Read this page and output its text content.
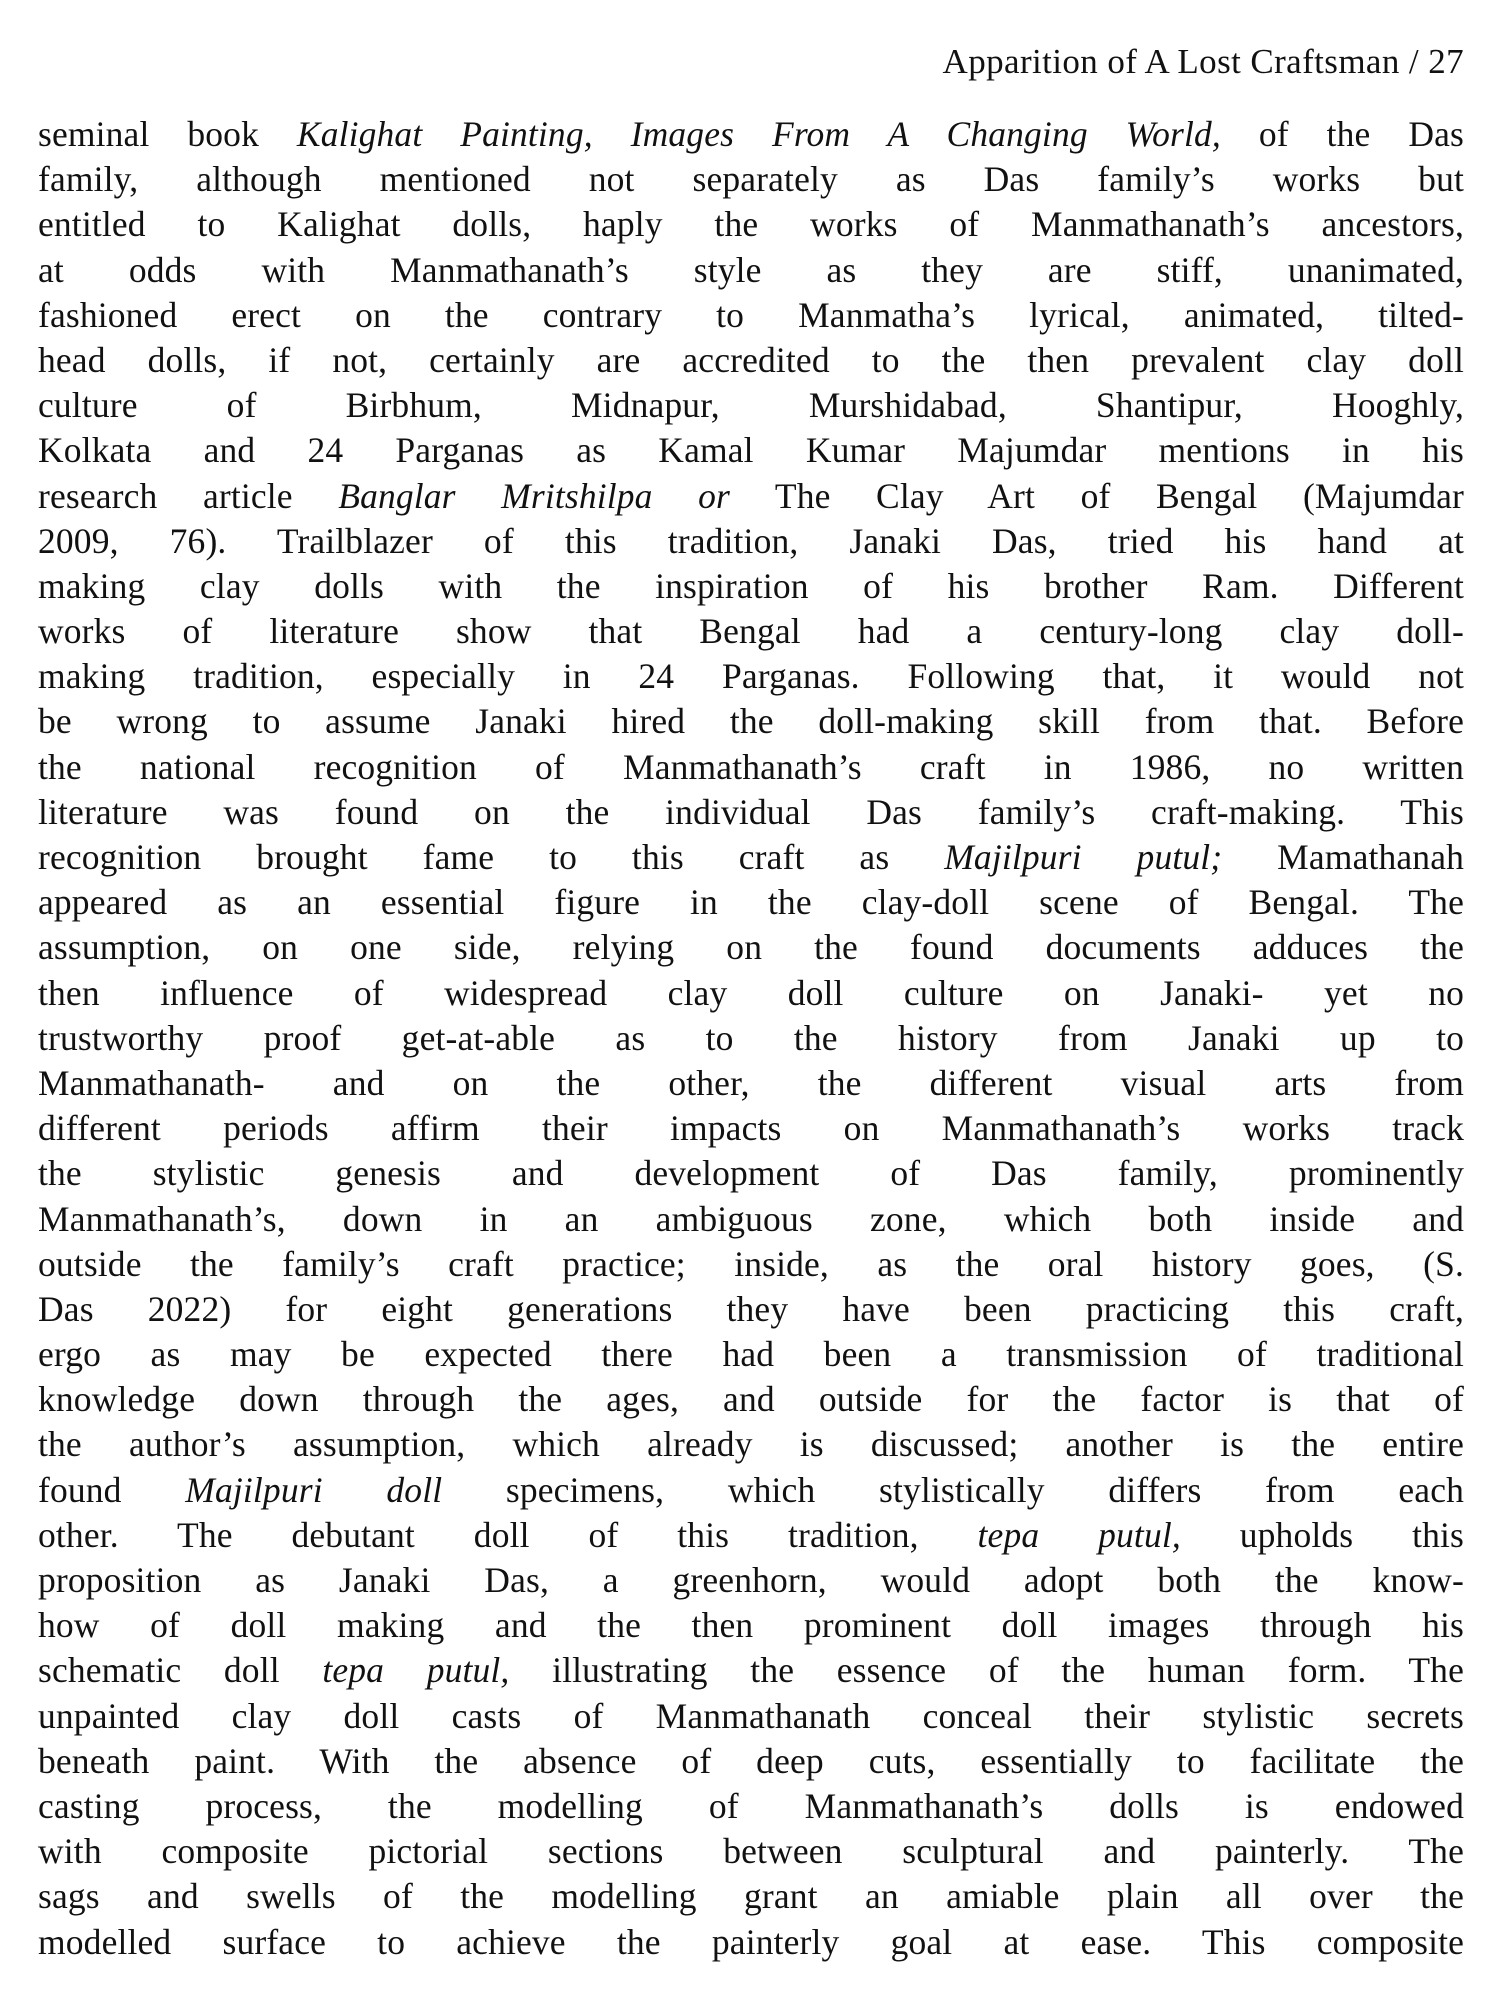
Apparition of A Lost Craftsman / 27
seminal book Kalighat Painting, Images From A Changing World, of the Das
family, although mentioned not separately as Das family’s works but
entitled to Kalighat dolls, haply the works of Manmathanath’s ancestors,
at odds with Manmathanath’s style as they are stiff, unanimated,
fashioned erect on the contrary to Manmatha’s lyrical, animated, tilted-
head dolls, if not, certainly are accredited to the then prevalent clay doll
culture of Birbhum, Midnapur, Murshidabad, Shantipur, Hooghly,
Kolkata and 24 Parganas as Kamal Kumar Majumdar mentions in his
research article Banglar Mritshilpa or The Clay Art of Bengal (Majumdar
2009, 76). Trailblazer of this tradition, Janaki Das, tried his hand at
making clay dolls with the inspiration of his brother Ram. Different
works of literature show that Bengal had a century-long clay doll-
making tradition, especially in 24 Parganas. Following that, it would not
be wrong to assume Janaki hired the doll-making skill from that. Before
the national recognition of Manmathanath’s craft in 1986, no written
literature was found on the individual Das family’s craft-making. This
recognition brought fame to this craft as Majilpuri putul; Mamathanah
appeared as an essential figure in the clay-doll scene of Bengal. The
assumption, on one side, relying on the found documents adduces the
then influence of widespread clay doll culture on Janaki- yet no
trustworthy proof get-at-able as to the history from Janaki up to
Manmathanath- and on the other, the different visual arts from
different periods affirm their impacts on Manmathanath’s works track
the stylistic genesis and development of Das family, prominently
Manmathanath’s, down in an ambiguous zone, which both inside and
outside the family’s craft practice; inside, as the oral history goes, (S.
Das 2022) for eight generations they have been practicing this craft,
ergo as may be expected there had been a transmission of traditional
knowledge down through the ages, and outside for the factor is that of
the author’s assumption, which already is discussed; another is the entire
found Majilpuri doll specimens, which stylistically differs from each
other. The debutant doll of this tradition, tepa putul, upholds this
proposition as Janaki Das, a greenhorn, would adopt both the know-
how of doll making and the then prominent doll images through his
schematic doll tepa putul, illustrating the essence of the human form. The
unpainted clay doll casts of Manmathanath conceal their stylistic secrets
beneath paint. With the absence of deep cuts, essentially to facilitate the
casting process, the modelling of Manmathanath’s dolls is endowed
with composite pictorial sections between sculptural and painterly. The
sags and swells of the modelling grant an amiable plain all over the
modelled surface to achieve the painterly goal at ease. This composite
